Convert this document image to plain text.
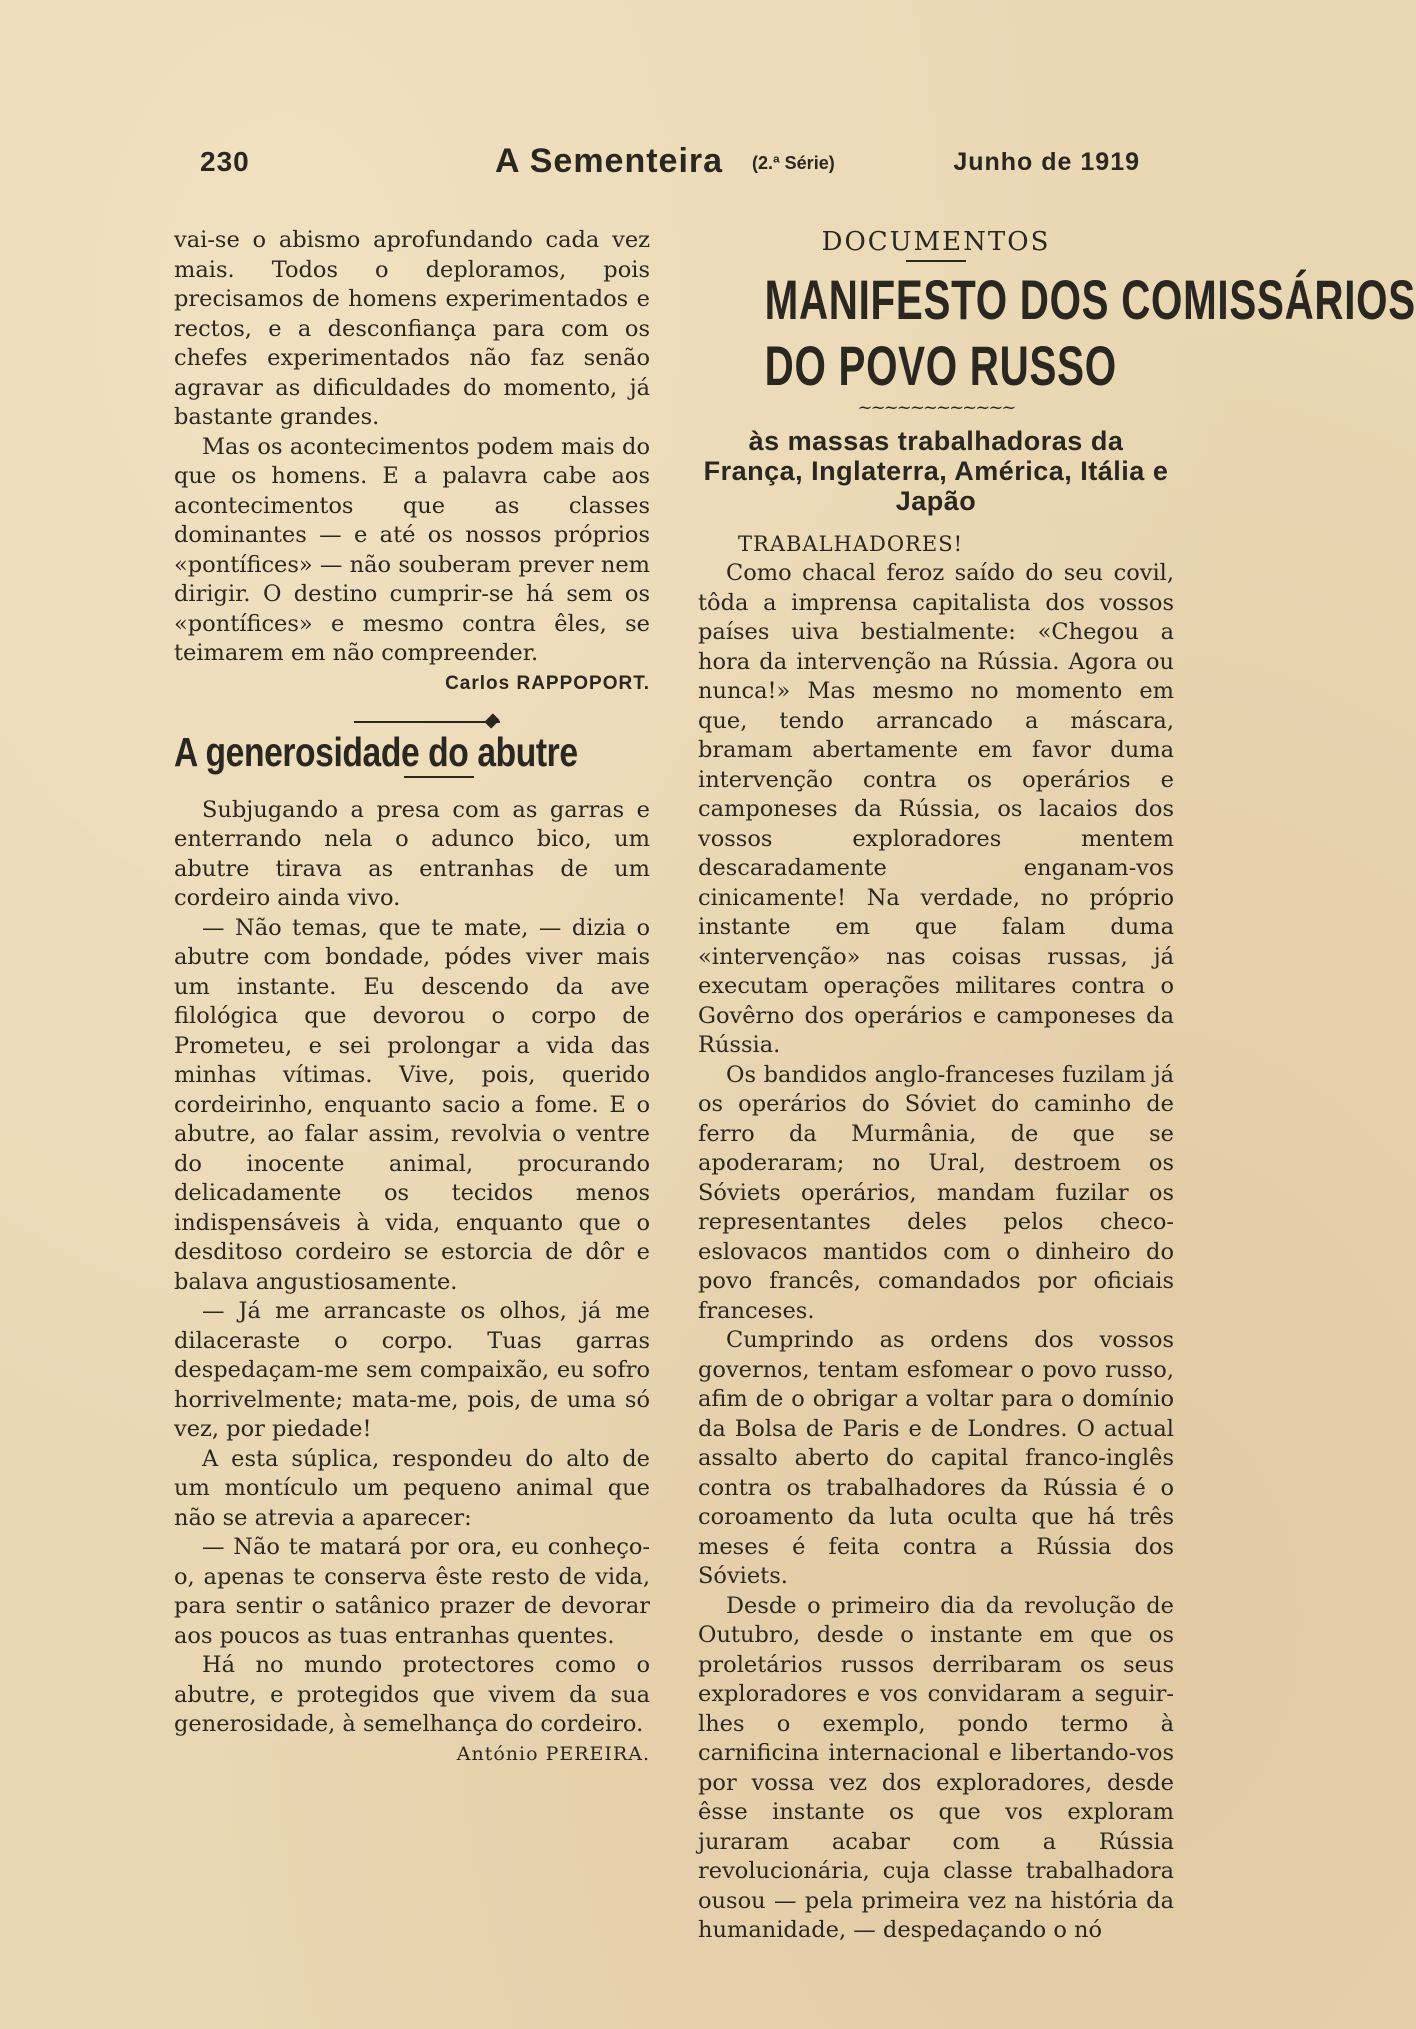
230	A Sementeira (2.ª Série)	Junho de 1919

vai-se o abismo aprofundando cada vez mais. Todos o deploramos, pois precisamos de homens experimentados e rectos, e a desconfiança para com os chefes experimentados não faz senão agravar as dificuldades do momento, já bastante grandes.

Mas os acontecimentos podem mais do que os homens. E a palavra cabe aos acontecimentos que as classes dominantes — e até os nossos próprios «pontífices» — não souberam prever nem dirigir. O destino cumprir-se há sem os «pontífices» e mesmo contra êles, se teimarem em não compreender.

Carlos RAPPOPORT.

A generosidade do abutre

Subjugando a presa com as garras e enterrando nela o adunco bico, um abutre tirava as entranhas de um cordeiro ainda vivo.

— Não temas, que te mate, — dizia o abutre com bondade, pódes viver mais um instante. Eu descendo da ave filológica que devorou o corpo de Prometeu, e sei prolongar a vida das minhas vítimas. Vive, pois, querido cordeirinho, enquanto sacio a fome. E o abutre, ao falar assim, revolvia o ventre do inocente animal, procurando delicadamente os tecidos menos indispensáveis à vida, enquanto que o desditoso cordeiro se estorcia de dôr e balava angustiosamente.

— Já me arrancaste os olhos, já me dilaceraste o corpo. Tuas garras despedaçam-me sem compaixão, eu sofro horrivelmente; mata-me, pois, de uma só vez, por piedade!

A esta súplica, respondeu do alto de um montículo um pequeno animal que não se atrevia a aparecer:

— Não te matará por ora, eu conheço-o, apenas te conserva êste resto de vida, para sentir o satânico prazer de devorar aos poucos as tuas entranhas quentes.

Há no mundo protectores como o abutre, e protegidos que vivem da sua generosidade, à semelhança do cordeiro.

António PEREIRA.

DOCUMENTOS

MANIFESTO DOS COMISSÁRIOS
DO POVO RUSSO
~~~~~~~~~~~~
às massas trabalhadoras da França, Inglaterra, América, Itália e Japão

TRABALHADORES!

Como chacal feroz saído do seu covil, tôda a imprensa capitalista dos vossos países uiva bestialmente: «Chegou a hora da intervenção na Rússia. Agora ou nunca!» Mas mesmo no momento em que, tendo arrancado a máscara, bramam abertamente em favor duma intervenção contra os operários e camponeses da Rússia, os lacaios dos vossos exploradores mentem descaradamente enganam-vos cinicamente! Na verdade, no próprio instante em que falam duma «intervenção» nas coisas russas, já executam operações militares contra o Govêrno dos operários e camponeses da Rússia.

Os bandidos anglo-franceses fuzilam já os operários do Sóviet do caminho de ferro da Murmânia, de que se apoderaram; no Ural, destroem os Sóviets operários, mandam fuzilar os representantes deles pelos checo-eslovacos mantidos com o dinheiro do povo francês, comandados por oficiais franceses.

Cumprindo as ordens dos vossos governos, tentam esfomear o povo russo, afim de o obrigar a voltar para o domínio da Bolsa de Paris e de Londres. O actual assalto aberto do capital franco-inglês contra os trabalhadores da Rússia é o coroamento da luta oculta que há três meses é feita contra a Rússia dos Sóviets.

Desde o primeiro dia da revolução de Outubro, desde o instante em que os proletários russos derribaram os seus exploradores e vos convidaram a seguir-lhes o exemplo, pondo termo à carnificina internacional e libertando-vos por vossa vez dos exploradores, desde êsse instante os que vos exploram juraram acabar com a Rússia revolucionária, cuja classe trabalhadora ousou — pela primeira vez na história da humanidade, — despedaçando o nó
